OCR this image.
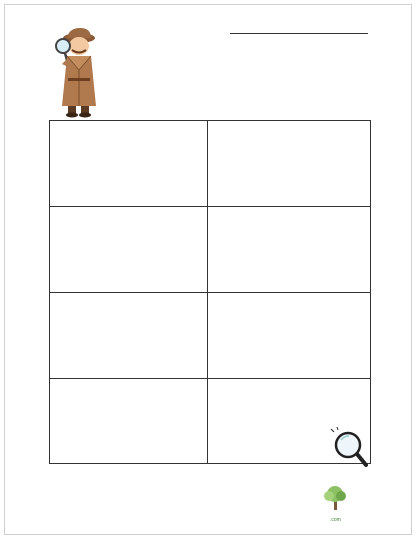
.com
